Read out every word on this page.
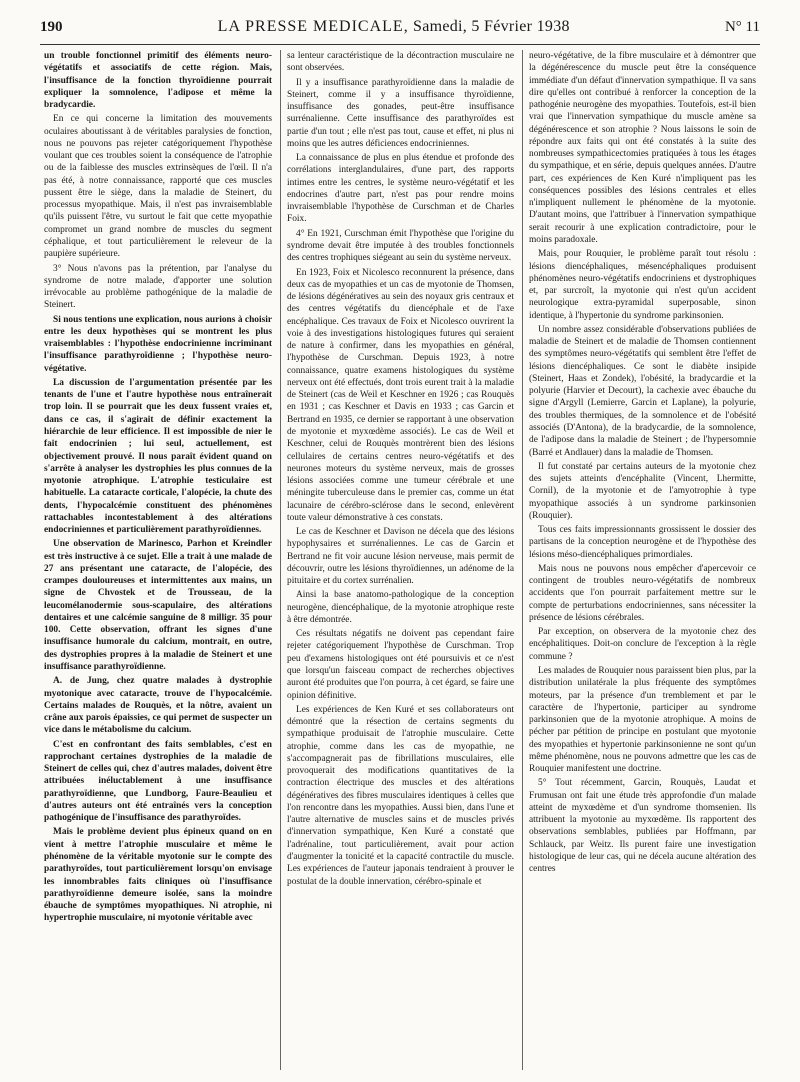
190	LA PRESSE MEDICALE, Samedi, 5 Février 1938	N° 11

un trouble fonctionnel primitif des éléments neuro-végétatifs et associatifs de cette région. Mais, l'insuffisance de la fonction thyroïdienne pourrait expliquer la somnolence, l'adipose et même la bradycardie.

En ce qui concerne la limitation des mouvements oculaires aboutissant à de véritables paralysies de fonction, nous ne pouvons pas rejeter catégoriquement l'hypothèse voulant que ces troubles soient la conséquence de l'atrophie ou de la faiblesse des muscles extrinsèques de l'œil. Il n'a pas été, à notre connaissance, rapporté que ces muscles pussent être le siège, dans la maladie de Steinert, du processus myopathique. Mais, il n'est pas invraisemblable qu'ils puissent l'être, vu surtout le fait que cette myopathie compromet un grand nombre de muscles du segment céphalique, et tout particulièrement le releveur de la paupière supérieure.

3° Nous n'avons pas la prétention, par l'analyse du syndrome de notre malade, d'apporter une solution irrévocable au problème pathogénique de la maladie de Steinert.

Si nous tentions une explication, nous aurions à choisir entre les deux hypothèses qui se montrent les plus vraisemblables : l'hypothèse endocrinienne incriminant l'insuffisance parathyroïdienne ; l'hypothèse neuro-végétative.

La discussion de l'argumentation présentée par les tenants de l'une et l'autre hypothèse nous entraînerait trop loin. Il se pourrait que les deux fussent vraies et, dans ce cas, il s'agirait de définir exactement la hiérarchie de leur efficience. Il est impossible de nier le fait endocrinien ; lui seul, actuellement, est objectivement prouvé. Il nous paraît évident quand on s'arrête à analyser les dystrophies les plus connues de la myotonie atrophique. L'atrophie testiculaire est habituelle. La cataracte corticale, l'alopécie, la chute des dents, l'hypocalcémie constituent des phénomènes rattachables incontestablement à des altérations endocriniennes et particulièrement parathyroïdiennes.

Une observation de Marinesco, Parhon et Kreindler est très instructive à ce sujet. Elle a trait à une malade de 27 ans présentant une cataracte, de l'alopécie, des crampes douloureuses et intermittentes aux mains, un signe de Chvostek et de Trousseau, de la leucomélanodermie sous-scapulaire, des altérations dentaires et une calcémie sanguine de 8 milligr. 35 pour 100. Cette observation, offrant les signes d'une insuffisance humorale du calcium, montrait, en outre, des dystrophies propres à la maladie de Steinert et une insuffisance parathyroïdienne.

A. de Jung, chez quatre malades à dystrophie myotonique avec cataracte, trouve de l'hypocalcémie. Certains malades de Rouquès, et la nôtre, avaient un crâne aux parois épaissies, ce qui permet de suspecter un vice dans le métabolisme du calcium.

C'est en confrontant des faits semblables, c'est en rapprochant certaines dystrophies de la maladie de Steinert de celles qui, chez d'autres malades, doivent être attribuées inéluctablement à une insuffisance parathyroïdienne, que Lundborg, Faure-Beaulieu et d'autres auteurs ont été entraînés vers la conception pathogénique de l'insuffisance des parathyroïdes.

Mais le problème devient plus épineux quand on en vient à mettre l'atrophie musculaire et même le phénomène de la véritable myotonie sur le compte des parathyroïdes, tout particulièrement lorsqu'on envisage les innombrables faits cliniques où l'insuffisance parathyroïdienne demeure isolée, sans la moindre ébauche de symptômes myopathiques. Ni atrophie, ni hypertrophie musculaire, ni myotonie véritable avec

sa lenteur caractéristique de la décontraction musculaire ne sont observées.

Il y a insuffisance parathyroïdienne dans la maladie de Steinert, comme il y a insuffisance thyroïdienne, insuffisance des gonades, peut-être insuffisance surrénalienne. Cette insuffisance des parathyroïdes est partie d'un tout ; elle n'est pas tout, cause et effet, ni plus ni moins que les autres déficiences endocriniennes.

La connaissance de plus en plus étendue et profonde des corrélations interglandulaires, d'une part, des rapports intimes entre les centres, le système neuro-végétatif et les endocrines d'autre part, n'est pas pour rendre moins invraisemblable l'hypothèse de Curschman et de Charles Foix.

4° En 1921, Curschman émit l'hypothèse que l'origine du syndrome devait être imputée à des troubles fonctionnels des centres trophiques siégeant au sein du système nerveux.

En 1923, Foix et Nicolesco reconnurent la présence, dans deux cas de myopathies et un cas de myotonie de Thomsen, de lésions dégénératives au sein des noyaux gris centraux et des centres végétatifs du diencéphale et de l'axe encéphalique. Ces travaux de Foix et Nicolesco ouvrirent la voie à des investigations histologiques futures qui seraient de nature à confirmer, dans les myopathies en général, l'hypothèse de Curschman. Depuis 1923, à notre connaissance, quatre examens histologiques du système nerveux ont été effectués, dont trois eurent trait à la maladie de Steinert (cas de Weil et Keschner en 1926 ; cas Rouquès en 1931 ; cas Keschner et Davis en 1933 ; cas Garcin et Bertrand en 1935, ce dernier se rapportant à une observation de myotonie et myxœdème associés). Le cas de Weil et Keschner, celui de Rouquès montrèrent bien des lésions cellulaires de certains centres neuro-végétatifs et des neurones moteurs du système nerveux, mais de grosses lésions associées comme une tumeur cérébrale et une méningite tuberculeuse dans le premier cas, comme un état lacunaire de cérébro-sclérose dans le second, enlevèrent toute valeur démonstrative à ces constats.

Le cas de Keschner et Davison ne décela que des lésions hypophysaires et surrénaliennes. Le cas de Garcin et Bertrand ne fit voir aucune lésion nerveuse, mais permit de découvrir, outre les lésions thyroïdiennes, un adénome de la pituitaire et du cortex surrénalien.

Ainsi la base anatomo-pathologique de la conception neurogène, diencéphalique, de la myotonie atrophique reste à être démontrée.

Ces résultats négatifs ne doivent pas cependant faire rejeter catégoriquement l'hypothèse de Curschman. Trop peu d'examens histologiques ont été poursuivis et ce n'est que lorsqu'un faisceau compact de recherches objectives auront été produites que l'on pourra, à cet égard, se faire une opinion définitive.

Les expériences de Ken Kuré et ses collaborateurs ont démontré que la résection de certains segments du sympathique produisait de l'atrophie musculaire. Cette atrophie, comme dans les cas de myopathie, ne s'accompagnerait pas de fibrillations musculaires, elle provoquerait des modifications quantitatives de la contraction électrique des muscles et des altérations dégénératives des fibres musculaires identiques à celles que l'on rencontre dans les myopathies. Aussi bien, dans l'une et l'autre alternative de muscles sains et de muscles privés d'innervation sympathique, Ken Kuré a constaté que l'adrénaline, tout particulièrement, avait pour action d'augmenter la tonicité et la capacité contractile du muscle. Les expériences de l'auteur japonais tendraient à prouver le postulat de la double innervation, cérébro-spinale et

neuro-végétative, de la fibre musculaire et à démontrer que la dégénérescence du muscle peut être la conséquence immédiate d'un défaut d'innervation sympathique. Il va sans dire qu'elles ont contribué à renforcer la conception de la pathogénie neurogène des myopathies. Toutefois, est-il bien vrai que l'innervation sympathique du muscle amène sa dégénérescence et son atrophie ? Nous laissons le soin de répondre aux faits qui ont été constatés à la suite des nombreuses sympathicectomies pratiquées à tous les étages du sympathique, et en série, depuis quelques années. D'autre part, ces expériences de Ken Kuré n'impliquent pas les conséquences possibles des lésions centrales et elles n'impliquent nullement le phénomène de la myotonie. D'autant moins, que l'attribuer à l'innervation sympathique serait recourir à une explication contradictoire, pour le moins paradoxale.

Mais, pour Rouquier, le problème paraît tout résolu : lésions diencéphaliques, mésencéphaliques produisent phénomènes neuro-végétatifs endocriniens et dystrophiques et, par surcroît, la myotonie qui n'est qu'un accident neurologique extra-pyramidal superposable, sinon identique, à l'hypertonie du syndrome parkinsonien.

Un nombre assez considérable d'observations publiées de maladie de Steinert et de maladie de Thomsen contiennent des symptômes neuro-végétatifs qui semblent être l'effet de lésions diencéphaliques. Ce sont le diabète insipide (Steinert, Haas et Zondek), l'obésité, la bradycardie et la polyurie (Harvier et Decourt), la cachexie avec ébauche du signe d'Argyll (Lemierre, Garcin et Laplane), la polyurie, des troubles thermiques, de la somnolence et de l'obésité associés (D'Antona), de la bradycardie, de la somnolence, de l'adipose dans la maladie de Steinert ; de l'hypersomnie (Barré et Andlauer) dans la maladie de Thomsen.

Il fut constaté par certains auteurs de la myotonie chez des sujets atteints d'encéphalite (Vincent, Lhermitte, Cornil), de la myotonie et de l'amyotrophie à type myopathique associés à un syndrome parkinsonien (Rouquier).

Tous ces faits impressionnants grossissent le dossier des partisans de la conception neurogène et de l'hypothèse des lésions méso-diencéphaliques primordiales.

Mais nous ne pouvons nous empêcher d'apercevoir ce contingent de troubles neuro-végétatifs de nombreux accidents que l'on pourrait parfaitement mettre sur le compte de perturbations endocriniennes, sans nécessiter la présence de lésions cérébrales.

Par exception, on observera de la myotonie chez des encéphalitiques. Doit-on conclure de l'exception à la règle commune ?

Les malades de Rouquier nous paraissent bien plus, par la distribution unilatérale la plus fréquente des symptômes moteurs, par la présence d'un tremblement et par le caractère de l'hypertonie, participer au syndrome parkinsonien que de la myotonie atrophique. A moins de pécher par pétition de principe en postulant que myotonie des myopathies et hypertonie parkinsonienne ne sont qu'un même phénomène, nous ne pouvons admettre que les cas de Rouquier manifestent une doctrine.

5° Tout récemment, Garcin, Rouquès, Laudat et Frumusan ont fait une étude très approfondie d'un malade atteint de myxœdème et d'un syndrome thomsenien. Ils attribuent la myotonie au myxœdème. Ils rapportent des observations semblables, publiées par Hoffmann, par Schlauck, par Weitz. Ils purent faire une investigation histologique de leur cas, qui ne décela aucune altération des centres
